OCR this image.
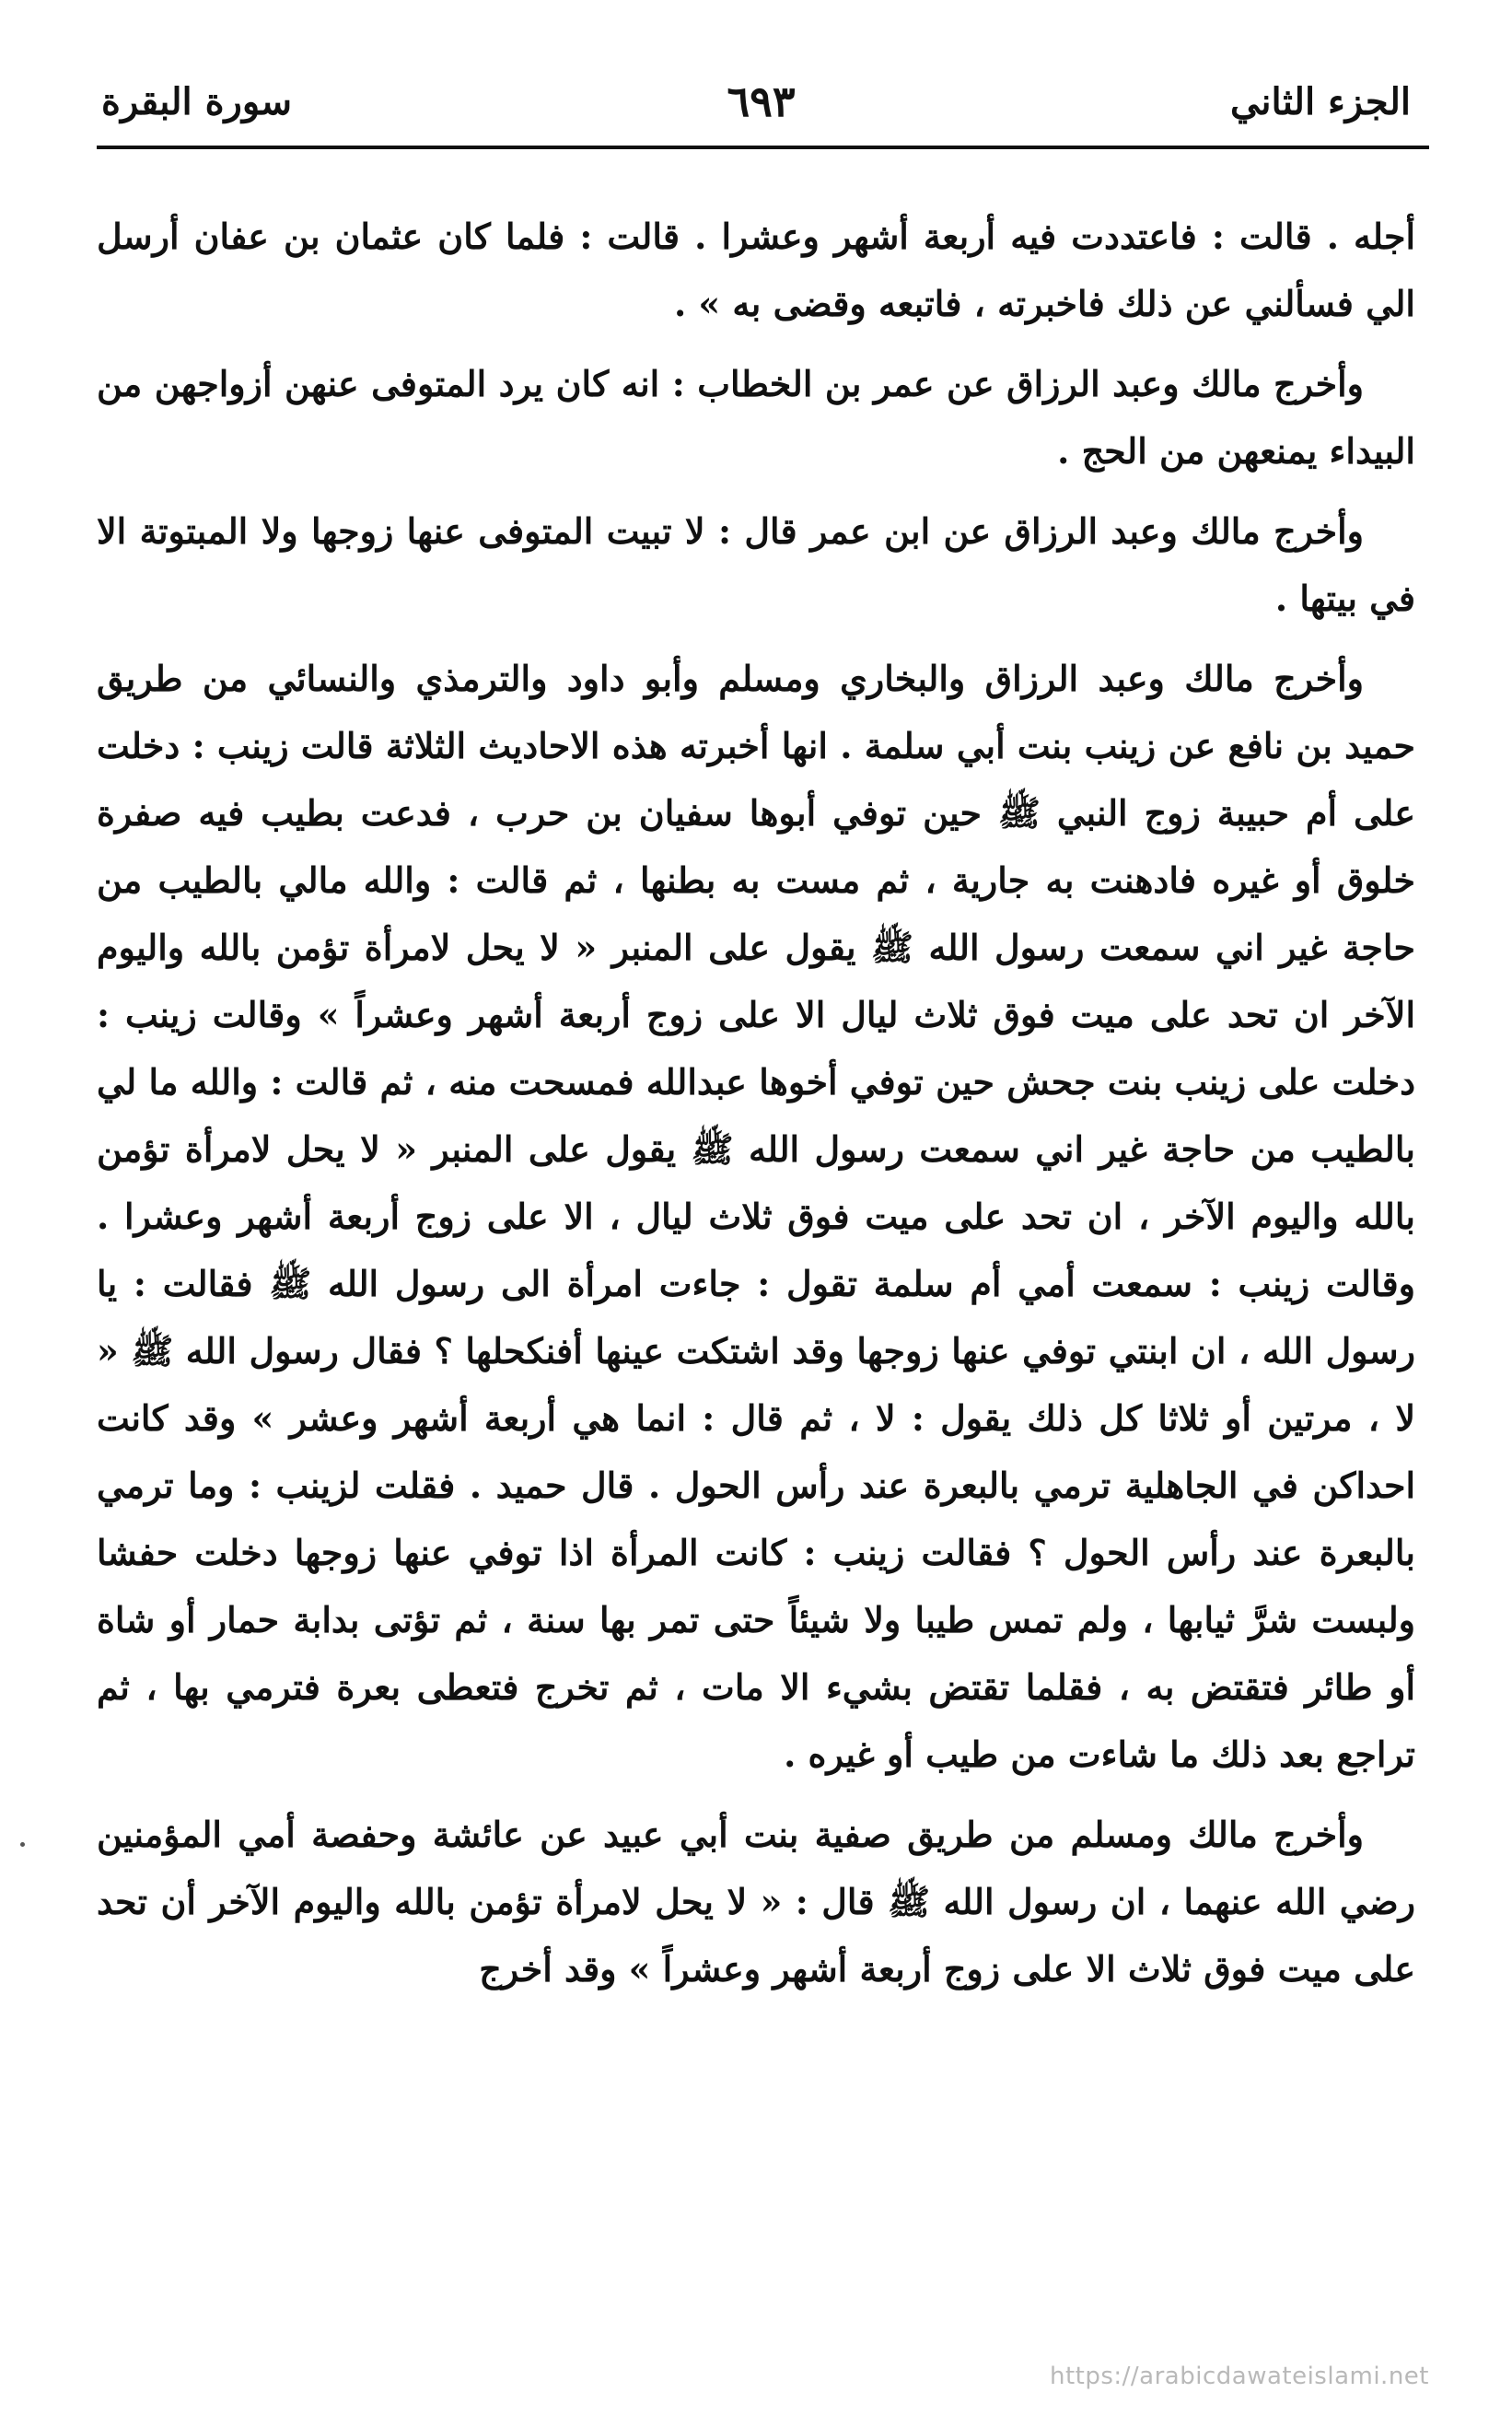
الجزء الثاني
٦٩٣
سورة البقرة

أجله . قالت : فاعتددت فيه أربعة أشهر وعشرا . قالت : فلما كان عثمان بن عفان أرسل الي فسألني عن ذلك فاخبرته ، فاتبعه وقضى به » .

وأخرج مالك وعبد الرزاق عن عمر بن الخطاب : انه كان يرد المتوفى عنهن أزواجهن من البيداء يمنعهن من الحج .

وأخرج مالك وعبد الرزاق عن ابن عمر قال : لا تبيت المتوفى عنها زوجها ولا المبتوتة الا في بيتها .

وأخرج مالك وعبد الرزاق والبخاري ومسلم وأبو داود والترمذي والنسائي من طريق حميد بن نافع عن زينب بنت أبي سلمة . انها أخبرته هذه الاحاديث الثلاثة قالت زينب : دخلت على أم حبيبة زوج النبي ﷺ حين توفي أبوها سفيان بن حرب ، فدعت بطيب فيه صفرة خلوق أو غيره فادهنت به جارية ، ثم مست به بطنها ، ثم قالت : والله مالي بالطيب من حاجة غير اني سمعت رسول الله ﷺ يقول على المنبر « لا يحل لامرأة تؤمن بالله واليوم الآخر ان تحد على ميت فوق ثلاث ليال الا على زوج أربعة أشهر وعشراً » وقالت زينب : دخلت على زينب بنت جحش حين توفي أخوها عبدالله فمسحت منه ، ثم قالت : والله ما لي بالطيب من حاجة غير اني سمعت رسول الله ﷺ يقول على المنبر « لا يحل لامرأة تؤمن بالله واليوم الآخر ، ان تحد على ميت فوق ثلاث ليال ، الا على زوج أربعة أشهر وعشرا . وقالت زينب : سمعت أمي أم سلمة تقول : جاءت امرأة الى رسول الله ﷺ فقالت : يا رسول الله ، ان ابنتي توفي عنها زوجها وقد اشتكت عينها أفنكحلها ؟ فقال رسول الله ﷺ « لا ، مرتين أو ثلاثا كل ذلك يقول : لا ، ثم قال : انما هي أربعة أشهر وعشر » وقد كانت احداكن في الجاهلية ترمي بالبعرة عند رأس الحول . قال حميد . فقلت لزينب : وما ترمي بالبعرة عند رأس الحول ؟ فقالت زينب : كانت المرأة اذا توفي عنها زوجها دخلت حفشا ولبست شرَّ ثيابها ، ولم تمس طيبا ولا شيئاً حتى تمر بها سنة ، ثم تؤتى بدابة حمار أو شاة أو طائر فتقتض به ، فقلما تقتض بشيء الا مات ، ثم تخرج فتعطى بعرة فترمي بها ، ثم تراجع بعد ذلك ما شاءت من طيب أو غيره .

وأخرج مالك ومسلم من طريق صفية بنت أبي عبيد عن عائشة وحفصة أمي المؤمنين رضي الله عنهما ، ان رسول الله ﷺ قال : « لا يحل لامرأة تؤمن بالله واليوم الآخر أن تحد على ميت فوق ثلاث الا على زوج أربعة أشهر وعشراً » وقد أخرج

https://arabicdawateislami.net
